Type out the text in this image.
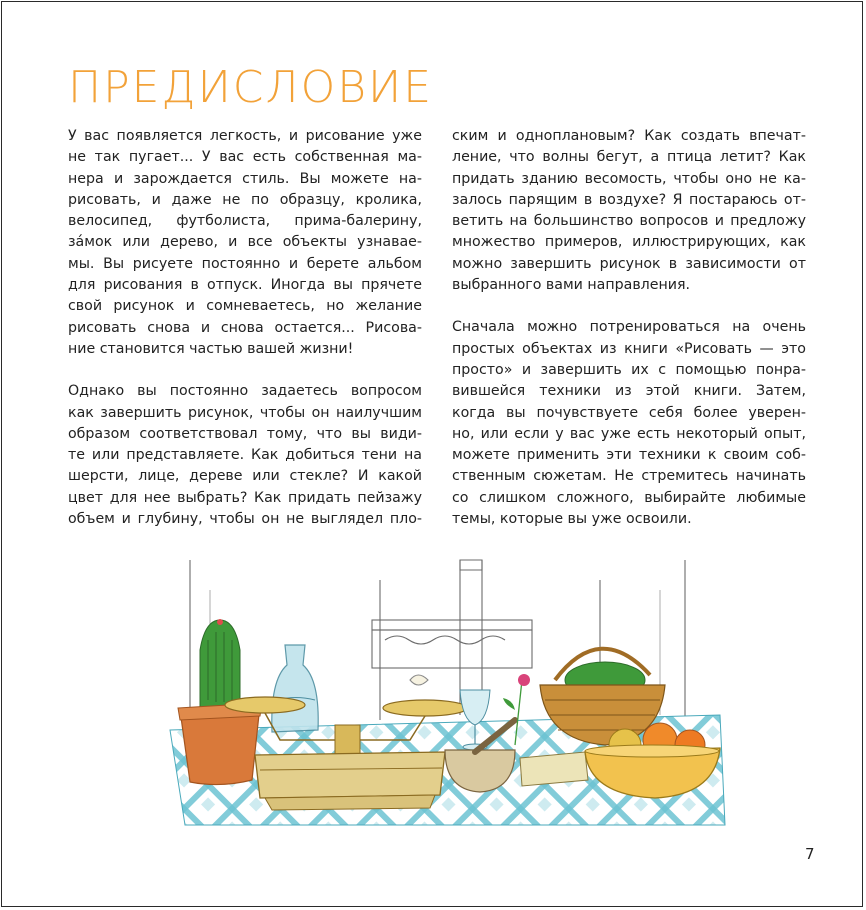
ПРЕДИСЛОВИЕ

У вас появляется легкость, и рисование уже
не так пугает... У вас есть собственная ма-
нера и зарождается стиль. Вы можете на-
рисовать, и даже не по образцу, кролика,
велосипед, футболиста, прима-балерину,
за́мок или дерево, и все объекты узнавае-
мы. Вы рисуете постоянно и берете альбом
для рисования в отпуск. Иногда вы прячете
свой рисунок и сомневаетесь, но желание
рисовать снова и снова остается... Рисова-
ние становится частью вашей жизни!

Однако вы постоянно задаетесь вопросом
как завершить рисунок, чтобы он наилучшим
образом соответствовал тому, что вы види-
те или представляете. Как добиться тени на
шерсти, лице, дереве или стекле? И какой
цвет для нее выбрать? Как придать пейзажу
объем и глубину, чтобы он не выглядел пло-

ским и одноплановым? Как создать впечат-
ление, что волны бегут, а птица летит? Как
придать зданию весомость, чтобы оно не ка-
залось парящим в воздухе? Я постараюсь от-
ветить на большинство вопросов и предложу
множество примеров, иллюстрирующих, как
можно завершить рисунок в зависимости от
выбранного вами направления.

Сначала можно потренироваться на очень
простых объектах из книги «Рисовать — это
просто» и завершить их с помощью понра-
вившейся техники из этой книги. Затем,
когда вы почувствуете себя более уверен-
но, или если у вас уже есть некоторый опыт,
можете применить эти техники к своим соб-
ственным сюжетам. Не стремитесь начинать
со слишком сложного, выбирайте любимые
темы, которые вы уже освоили.

7
